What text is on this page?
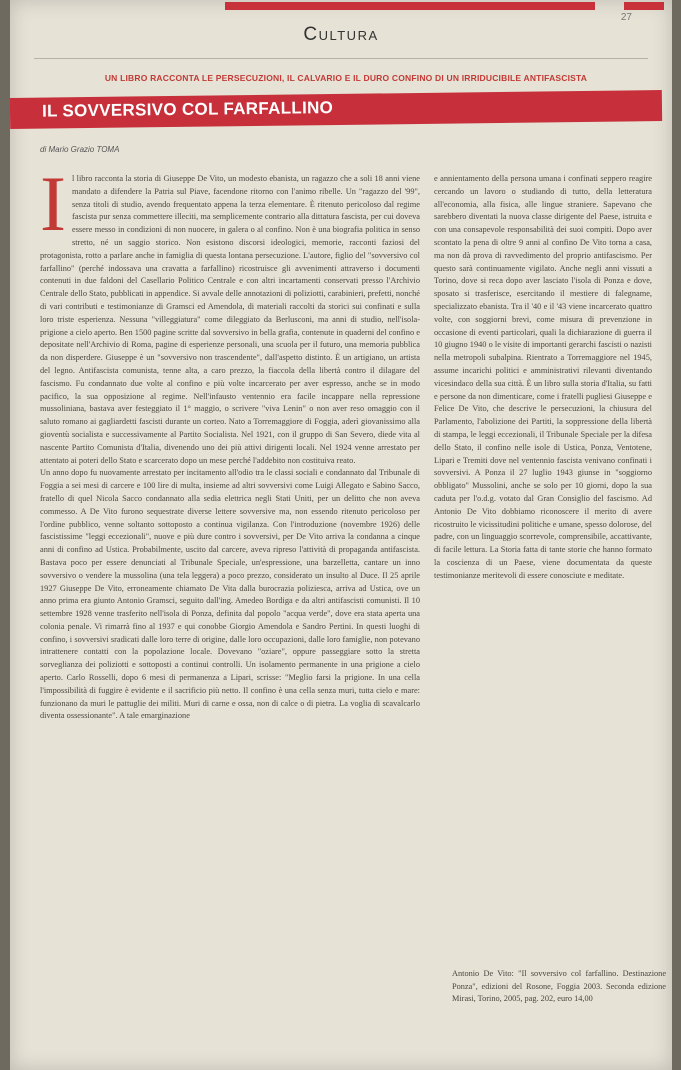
Cultura
27
UN LIBRO RACCONTA LE PERSECUZIONI, IL CALVARIO E IL DURO CONFINO DI UN IRRIDUCIBILE ANTIFASCISTA
IL SOVVERSIVO COL FARFALLINO
di Mario Grazio TOMA
I l libro racconta la storia di Giuseppe De Vito, un modesto ebanista, un ragazzo che a soli 18 anni viene mandato a difendere la Patria sul Piave, facendone ritorno con l'animo ribelle. Un "ragazzo del '99", senza titoli di studio, avendo frequentato appena la terza elementare. È ritenuto pericoloso dal regime fascista pur senza commettere illeciti, ma semplicemente contrario alla dittatura fascista, per cui doveva essere messo in condizioni di non nuocere, in galera o al confino. Non è una biografia politica in senso stretto, né un saggio storico. Non esistono discorsi ideologici, memorie, racconti faziosi del protagonista, rotto a parlare anche in famiglia di questa lontana persecuzione. L'autore, figlio del "sovversivo col farfallino" (perché indossava una cravatta a farfallino) ricostruisce gli avvenimenti attraverso i documenti contenuti in due faldoni del Casellario Politico Centrale e con altri incartamenti conservati presso l'Archivio Centrale dello Stato, pubblicati in appendice. Si avvale delle annotazioni di poliziotti, carabinieri, prefetti, nonché di vari contributi e testimonianze di Gramsci ed Amendola, di materiali raccolti da storici sui confinati e sulla loro triste esperienza. Nessuna "villeggiatura" come dileggiato da Berlusconi, ma anni di studio, nell'isola-prigione a cielo aperto. Ben 1500 pagine scritte dal sovversivo in bella grafia, contenute in quaderni del confino e depositate nell'Archivio di Roma, pagine di esperienze personali, una scuola per il futuro, una memoria pubblica da non disperdere. Giuseppe è un "sovversivo non trascendente", dall'aspetto distinto. È un artigiano, un artista del legno. Antifascista comunista, tenne alta, a caro prezzo, la fiaccola della libertà contro il dilagare del fascismo. Fu condannato due volte al confino e più volte incarcerato per aver espresso, anche se in modo pacifico, la sua opposizione al regime. Nell'infausto ventennio era facile incappare nella repressione mussoliniana, bastava aver festeggiato il 1° maggio, o scrivere "viva Lenin" o non aver reso omaggio con il saluto romano ai gagliardetti fascisti durante un corteo. Nato a Torremaggiore di Foggia, aderì giovanissimo alla gioventù socialista e successivamente al Partito Socialista. Nel 1921, con il gruppo di San Severo, diede vita al nascente Partito Comunista d'Italia, divenendo uno dei più attivi dirigenti locali. Nel 1924 venne arrestato per attentato ai poteri dello Stato e scarcerato dopo un mese perché l'addebito non costituiva reato.

Un anno dopo fu nuovamente arrestato per incitamento all'odio tra le classi sociali e condannato dal Tribunale di Foggia a sei mesi di carcere e 100 lire di multa, insieme ad altri sovversivi come Luigi Allegato e Sabino Sacco, fratello di quel Nicola Sacco condannato alla sedia elettrica negli Stati Uniti, per un delitto che non aveva commesso. A De Vito furono sequestrate diverse lettere sovversive ma, non essendo ritenuto pericoloso per l'ordine pubblico, venne soltanto sottoposto a continua vigilanza. Con l'introduzione (novembre 1926) delle fascistissime "leggi eccezionali", nuove e più dure contro i sovversivi, per De Vito arriva la condanna a cinque anni di confino ad Ustica. Probabilmente, uscito dal carcere, aveva ripreso l'attività di propaganda antifascista. Bastava poco per essere denunciati al Tribunale Speciale, un'espressione, una barzelletta, cantare un inno sovversivo o vendere la mussolina (una tela leggera) a poco prezzo, considerato un insulto al Duce. Il 25 aprile 1927 Giuseppe De Vito, erroneamente chiamato De Vita dalla burocrazia poliziesca, arriva ad Ustica, ove un anno prima era giunto Antonio Gramsci, seguito dall'ing. Amedeo Bordiga e da altri antifascisti comunisti. Il 10 settembre 1928 venne trasferito nell'isola di Ponza, definita dal popolo "acqua verde", dove era stata aperta una colonia penale. Vi rimarrà fino al 1937 e qui conobbe Giorgio Amendola e Sandro Pertini. In questi luoghi di confino, i sovversivi sradicati dalle loro terre di origine, dalle loro occupazioni, dalle loro famiglie, non potevano intrattenere contatti con la popolazione locale. Dovevano "oziare", oppure passeggiare sotto la stretta sorveglianza dei poliziotti e sottoposti a continui controlli. Un isolamento permanente in una prigione a cielo aperto. Carlo Rosselli, dopo 6 mesi di permanenza a Lipari, scrisse: "Meglio farsi la prigione. In una cella l'impossibilità di fuggire è evidente e il sacrificio più netto. Il confino è una cella senza muri, tutta cielo e mare: funzionano da muri le pattuglie dei militi. Muri di carne e ossa, non di calce o di pietra. La voglia di scavalcarlo diventa ossessionante". A tale emarginazione

e annientamento della persona umana i confinati seppero reagire cercando un lavoro o studiando di tutto, della letteratura all'economia, alla fisica, alle lingue straniere. Sapevano che sarebbero diventati la nuova classe dirigente del Paese, istruita e con una consapevole responsabilità dei suoi compiti. Dopo aver scontato la pena di oltre 9 anni al confino De Vito torna a casa, ma non dà prova di ravvedimento del proprio antifascismo. Per questo sarà continuamente vigilato. Anche negli anni vissuti a Torino, dove si reca dopo aver lasciato l'isola di Ponza e dove, sposato si trasferisce, esercitando il mestiere di falegname, specializzato ebanista. Tra il '40 e il '43 viene incarcerato quattro volte, con soggiorni brevi, come misura di prevenzione in occasione di eventi particolari, quali la dichiarazione di guerra il 10 giugno 1940 o le visite di importanti gerarchi fascisti o nazisti nella metropoli subalpina. Rientrato a Torremaggiore nel 1945, assume incarichi politici e amministrativi rilevanti diventando vicesindaco della sua città. È un libro sulla storia d'Italia, su fatti e persone da non dimenticare, come i fratelli pugliesi Giuseppe e Felice De Vito, che descrive le persecuzioni, la chiusura del Parlamento, l'abolizione dei Partiti, la soppressione della libertà di stampa, le leggi eccezionali, il Tribunale Speciale per la difesa dello Stato, il confino nelle isole di Ustica, Ponza, Ventotene, Lipari e Tremiti dove nel ventennio fascista venivano confinati i sovversivi. A Ponza il 27 luglio 1943 giunse in "soggiorno obbligato" Mussolini, anche se solo per 10 giorni, dopo la sua caduta per l'o.d.g. votato dal Gran Consiglio del fascismo. Ad Antonio De Vito dobbiamo riconoscere il merito di avere ricostruito le vicissitudini politiche e umane, spesso dolorose, del padre, con un linguaggio scorrevole, comprensibile, accattivante, di facile lettura. La Storia fatta di tante storie che hanno formato la coscienza di un Paese, viene documentata da queste testimonianze meritevoli di essere conosciute e meditate.

Antonio De Vito: "Il sovversivo col farfallino. Destinazione Ponza", edizioni del Rosone, Foggia 2003. Seconda edizione Mirasi, Torino, 2005, pag. 202, euro 14,00
